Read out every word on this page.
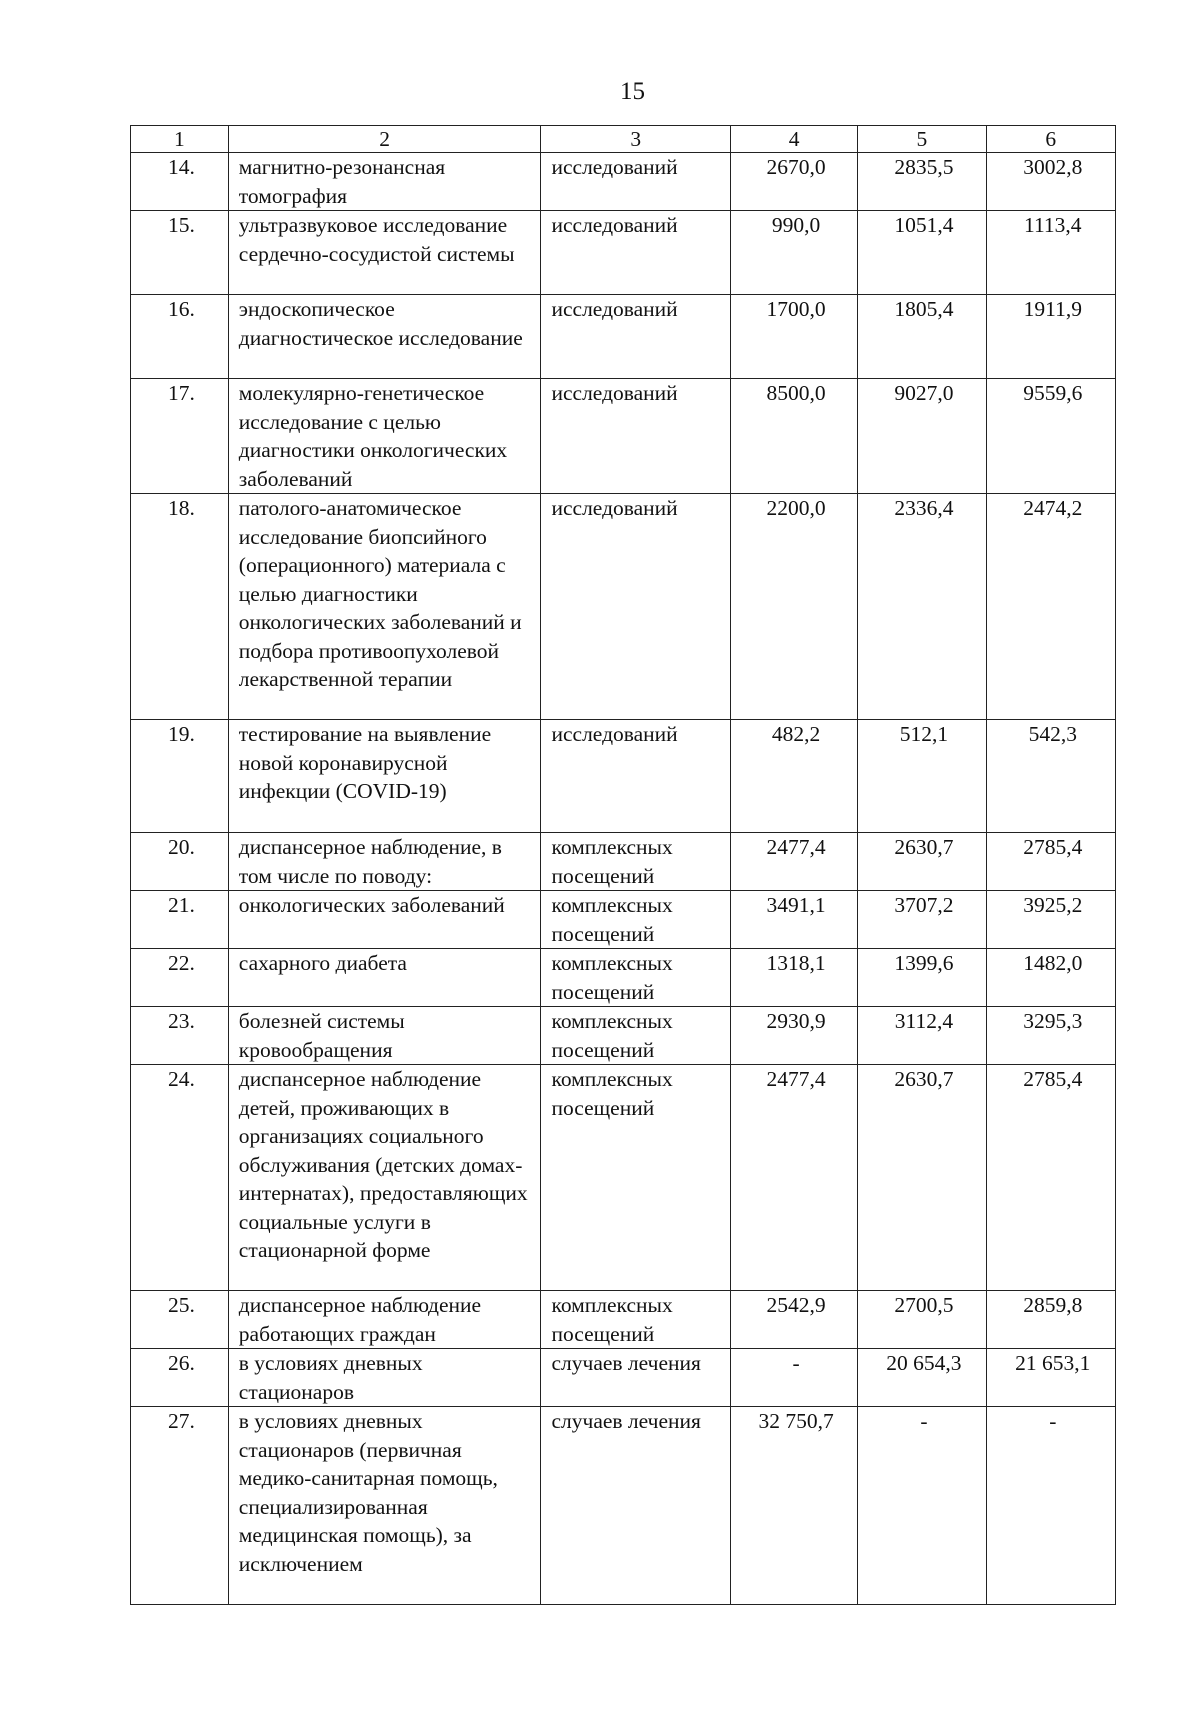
15
1	2	3	4	5	6
14.	магнитно-резонансная томография	исследований	2670,0	2835,5	3002,8
15.	ультразвуковое исследование сердечно-сосудистой системы	исследований	990,0	1051,4	1113,4
16.	эндоскопическое диагностическое исследование	исследований	1700,0	1805,4	1911,9
17.	молекулярно-генетическое исследование с целью диагностики онкологических заболеваний	исследований	8500,0	9027,0	9559,6
18.	патолого-анатомическое исследование биопсийного (операционного) материала с целью диагностики онкологических заболеваний и подбора противоопухолевой лекарственной терапии	исследований	2200,0	2336,4	2474,2
19.	тестирование на выявление новой коронавирусной инфекции (COVID-19)	исследований	482,2	512,1	542,3
20.	диспансерное наблюдение, в том числе по поводу:	комплексных посещений	2477,4	2630,7	2785,4
21.	онкологических заболеваний	комплексных посещений	3491,1	3707,2	3925,2
22.	сахарного диабета	комплексных посещений	1318,1	1399,6	1482,0
23.	болезней системы кровообращения	комплексных посещений	2930,9	3112,4	3295,3
24.	диспансерное наблюдение детей, проживающих в организациях социального обслуживания (детских домах-интернатах), предоставляющих социальные услуги в стационарной форме	комплексных посещений	2477,4	2630,7	2785,4
25.	диспансерное наблюдение работающих граждан	комплексных посещений	2542,9	2700,5	2859,8
26.	в условиях дневных стационаров	случаев лечения	-	20 654,3	21 653,1
27.	в условиях дневных стационаров (первичная медико-санитарная помощь, специализированная медицинская помощь), за исключением	случаев лечения	32 750,7	-	-
